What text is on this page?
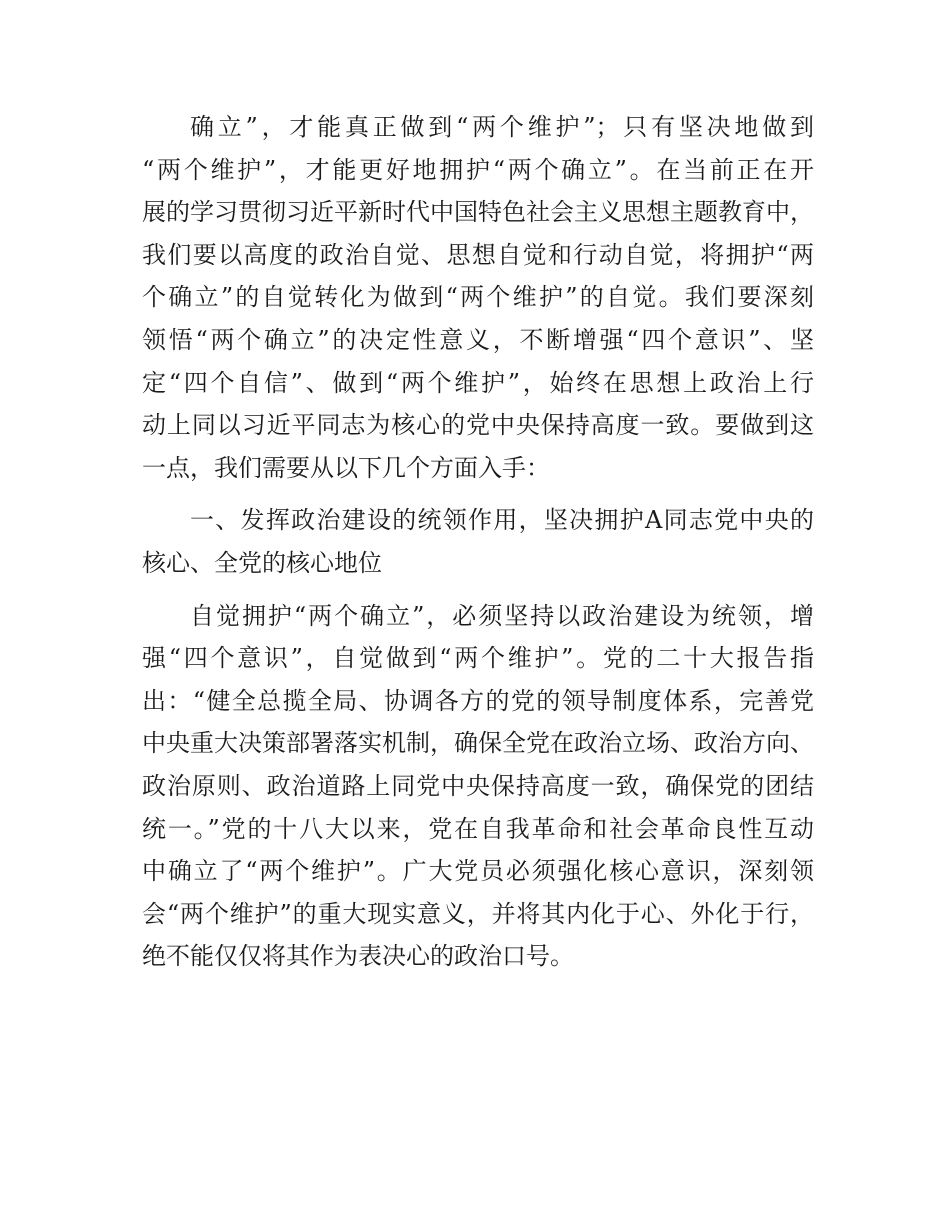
确立”，才能真正做到“两个维护”；只有坚决地做到
“两个维护”，才能更好地拥护“两个确立”。在当前正在开
展的学习贯彻习近平新时代中国特色社会主义思想主题教育中，
我们要以高度的政治自觉、思想自觉和行动自觉，将拥护“两
个确立”的自觉转化为做到“两个维护”的自觉。我们要深刻
领悟“两个确立”的决定性意义，不断增强“四个意识”、坚
定“四个自信”、做到“两个维护”，始终在思想上政治上行
动上同以习近平同志为核心的党中央保持高度一致。要做到这
一点，我们需要从以下几个方面入手：
一、发挥政治建设的统领作用，坚决拥护A同志党中央的
核心、全党的核心地位
自觉拥护“两个确立”，必须坚持以政治建设为统领，增
强“四个意识”，自觉做到“两个维护”。党的二十大报告指
出：“健全总揽全局、协调各方的党的领导制度体系，完善党
中央重大决策部署落实机制，确保全党在政治立场、政治方向、
政治原则、政治道路上同党中央保持高度一致，确保党的团结
统一。”党的十八大以来，党在自我革命和社会革命良性互动
中确立了“两个维护”。广大党员必须强化核心意识，深刻领
会“两个维护”的重大现实意义，并将其内化于心、外化于行，
绝不能仅仅将其作为表决心的政治口号。
